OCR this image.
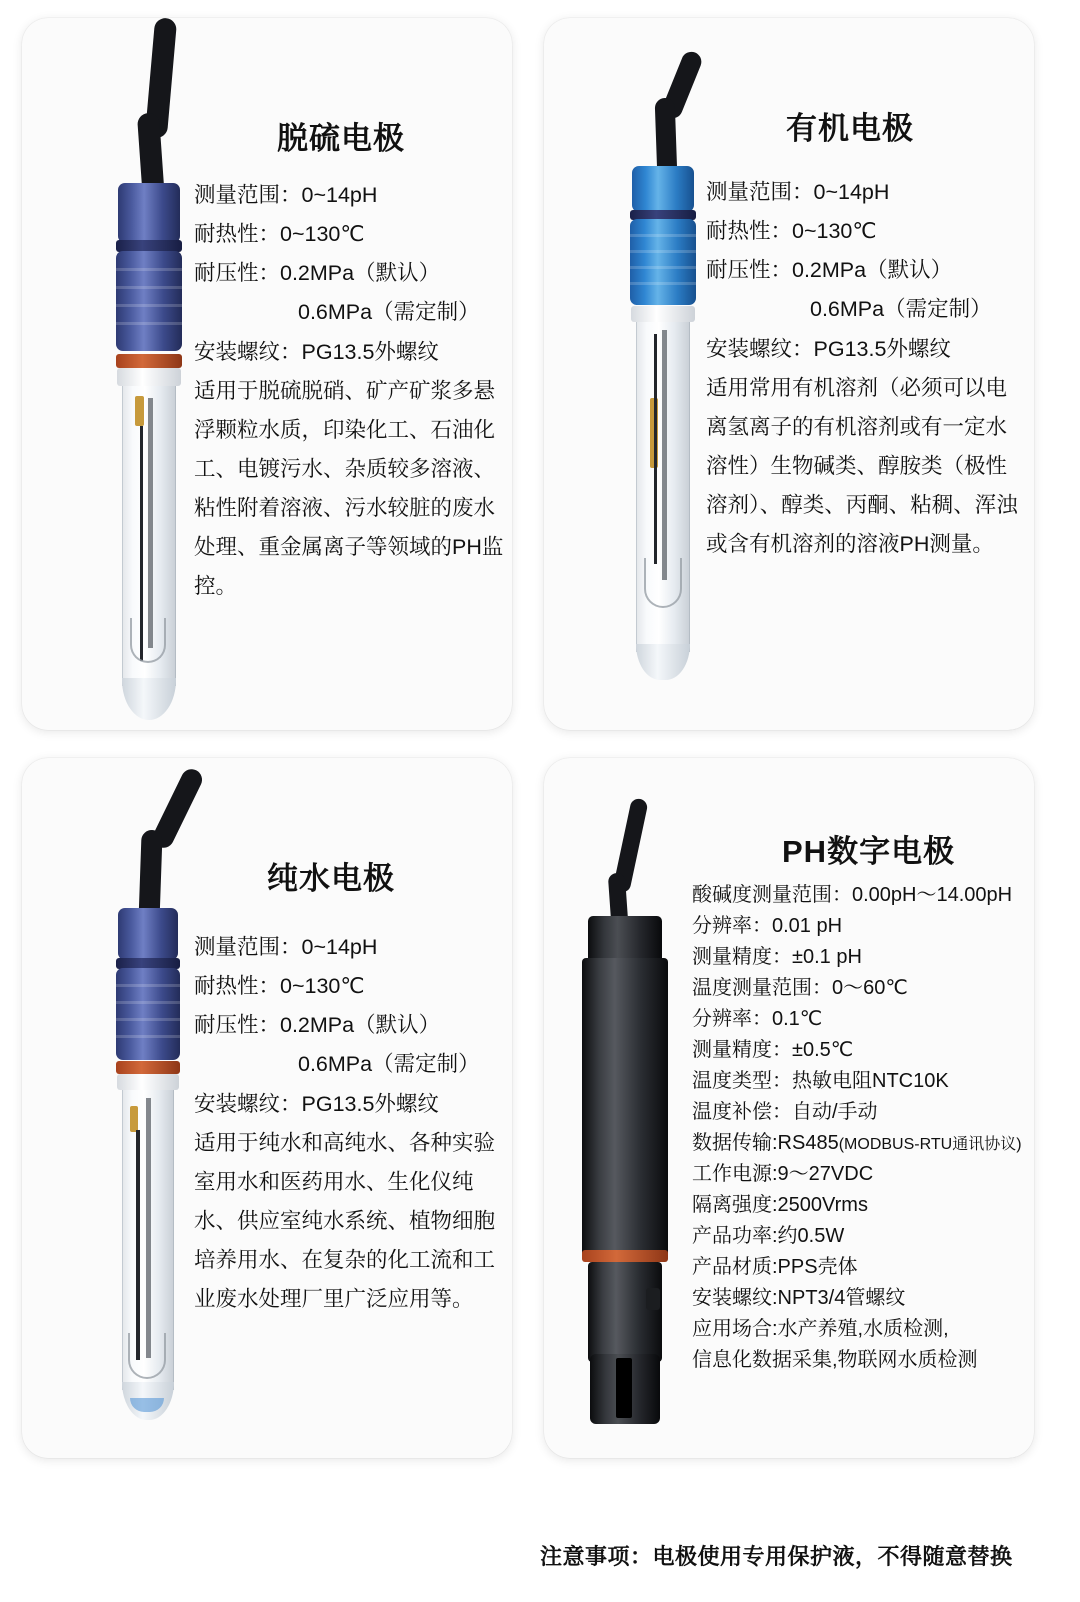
脱硫电极

测量范围：0~14pH

耐热性：0~130℃

耐压性：0.2MPa（默认）

0.6MPa（需定制）

安装螺纹：PG13.5外螺纹

适用于脱硫脱硝、矿产矿浆多悬浮颗粒水质，印染化工、石油化工、电镀污水、杂质较多溶液、粘性附着溶液、污水较脏的废水处理、重金属离子等领域的PH监控。

有机电极

测量范围：0~14pH

耐热性：0~130℃

耐压性：0.2MPa（默认）

0.6MPa（需定制）

安装螺纹：PG13.5外螺纹

适用常用有机溶剂（必须可以电离氢离子的有机溶剂或有一定水溶性）生物碱类、醇胺类（极性溶剂）、醇类、丙酮、粘稠、浑浊或含有机溶剂的溶液PH测量。

纯水电极

测量范围：0~14pH

耐热性：0~130℃

耐压性：0.2MPa（默认）

0.6MPa（需定制）

安装螺纹：PG13.5外螺纹

适用于纯水和高纯水、各种实验室用水和医药用水、生化仪纯水、供应室纯水系统、植物细胞培养用水、在复杂的化工流和工业废水处理厂里广泛应用等。

PH数字电极

酸碱度测量范围：0.00pH～14.00pH

分辨率：0.01 pH

测量精度：±0.1 pH

温度测量范围：0～60℃

分辨率：0.1℃

测量精度：±0.5℃

温度类型：热敏电阻NTC10K

温度补偿：自动/手动

数据传输:RS485(MODBUS-RTU通讯协议)

工作电源:9～27VDC

隔离强度:2500Vrms

产品功率:约0.5W

产品材质:PPS壳体

安装螺纹:NPT3/4管螺纹

应用场合:水产养殖,水质检测,

信息化数据采集,物联网水质检测

注意事项：电极使用专用保护液，不得随意替换
